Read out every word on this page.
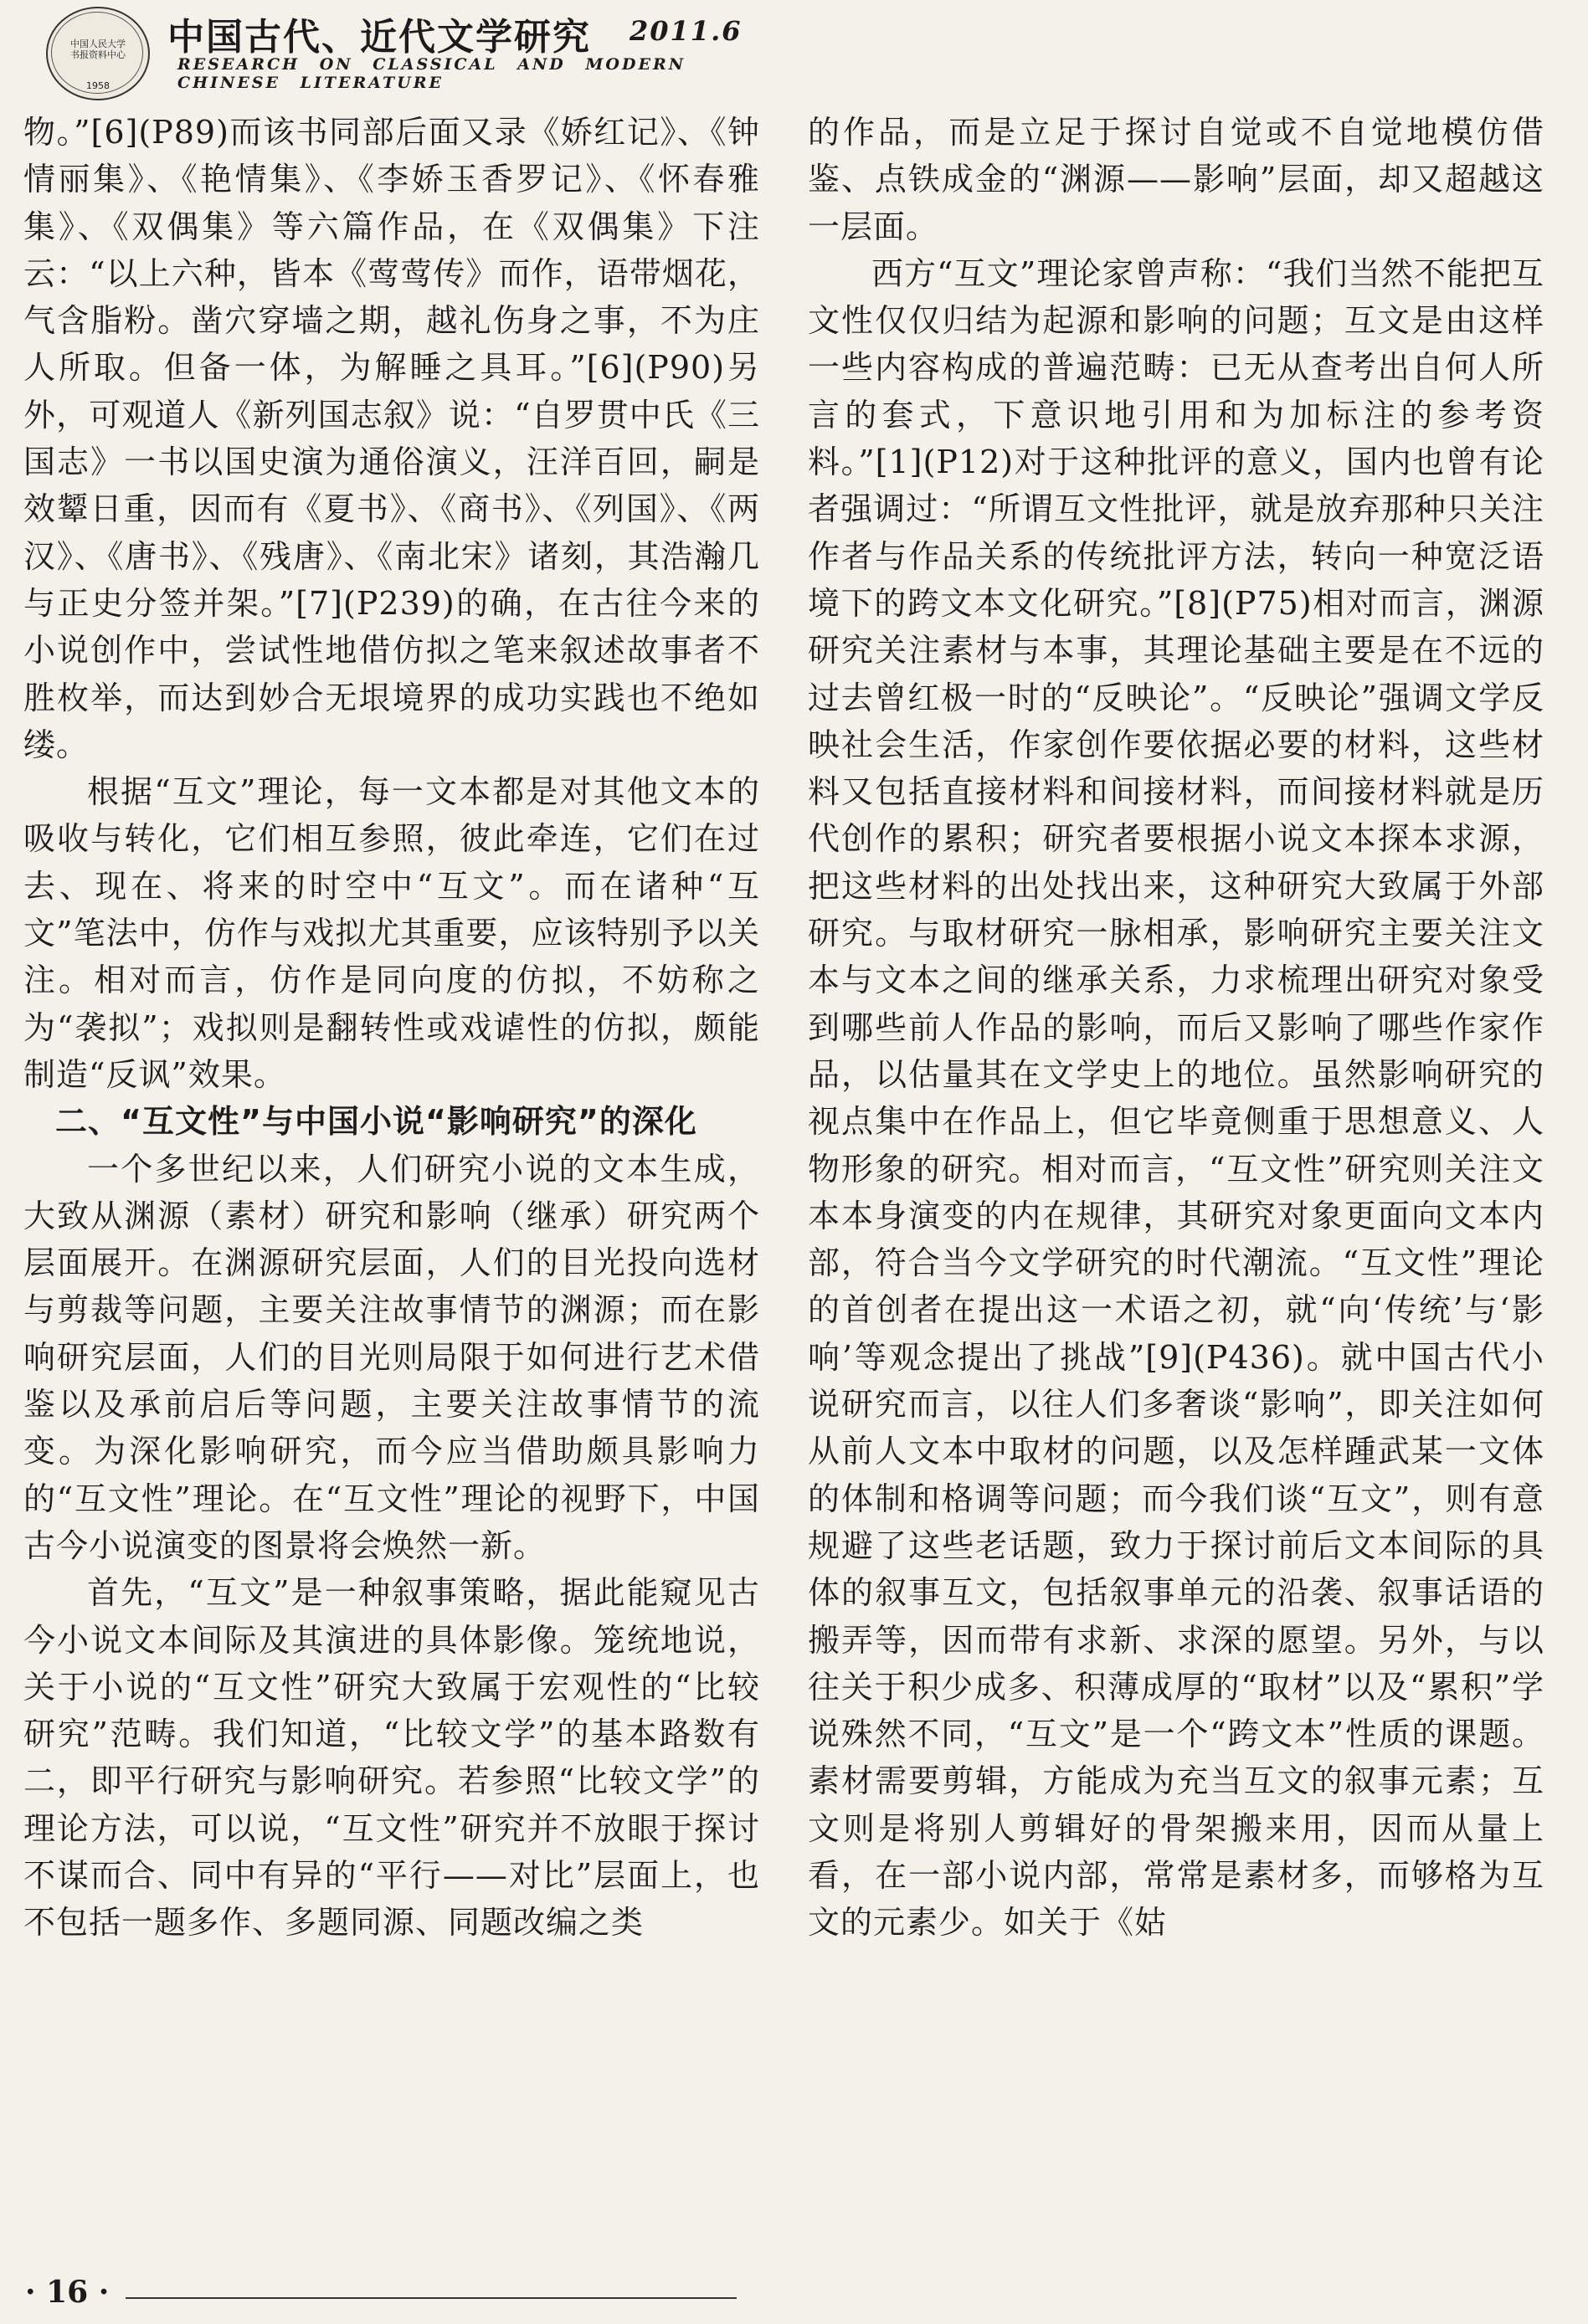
中国人民大学
书报资料中心
1958
中国古代、近代文学研究 2011.6
RESEARCH ON CLASSICAL AND MODERN CHINESE LITERATURE

物。”[6](P89)而该书同部后面又录《娇红记》、《钟情丽集》、《艳情集》、《李娇玉香罗记》、《怀春雅集》、《双偶集》等六篇作品，在《双偶集》下注云：“以上六种，皆本《莺莺传》而作，语带烟花，气含脂粉。凿穴穿墙之期，越礼伤身之事，不为庄人所取。但备一体，为解睡之具耳。”[6](P90)另外，可观道人《新列国志叙》说：“自罗贯中氏《三国志》一书以国史演为通俗演义，汪洋百回，嗣是效颦日重，因而有《夏书》、《商书》、《列国》、《两汉》、《唐书》、《残唐》、《南北宋》诸刻，其浩瀚几与正史分签并架。”[7](P239)的确，在古往今来的小说创作中，尝试性地借仿拟之笔来叙述故事者不胜枚举，而达到妙合无垠境界的成功实践也不绝如缕。

根据“互文”理论，每一文本都是对其他文本的吸收与转化，它们相互参照，彼此牵连，它们在过去、现在、将来的时空中“互文”。而在诸种“互文”笔法中，仿作与戏拟尤其重要，应该特别予以关注。相对而言，仿作是同向度的仿拟，不妨称之为“袭拟”；戏拟则是翻转性或戏谑性的仿拟，颇能制造“反讽”效果。

二、“互文性”与中国小说“影响研究”的深化

一个多世纪以来，人们研究小说的文本生成，大致从渊源（素材）研究和影响（继承）研究两个层面展开。在渊源研究层面，人们的目光投向选材与剪裁等问题，主要关注故事情节的渊源；而在影响研究层面，人们的目光则局限于如何进行艺术借鉴以及承前启后等问题，主要关注故事情节的流变。为深化影响研究，而今应当借助颇具影响力的“互文性”理论。在“互文性”理论的视野下，中国古今小说演变的图景将会焕然一新。

首先，“互文”是一种叙事策略，据此能窥见古今小说文本间际及其演进的具体影像。笼统地说，关于小说的“互文性”研究大致属于宏观性的“比较研究”范畴。我们知道，“比较文学”的基本路数有二，即平行研究与影响研究。若参照“比较文学”的理论方法，可以说，“互文性”研究并不放眼于探讨不谋而合、同中有异的“平行——对比”层面上，也不包括一题多作、多题同源、同题改编之类

的作品，而是立足于探讨自觉或不自觉地模仿借鉴、点铁成金的“渊源——影响”层面，却又超越这一层面。

西方“互文”理论家曾声称：“我们当然不能把互文性仅仅归结为起源和影响的问题；互文是由这样一些内容构成的普遍范畴：已无从查考出自何人所言的套式，下意识地引用和为加标注的参考资料。”[1](P12)对于这种批评的意义，国内也曾有论者强调过：“所谓互文性批评，就是放弃那种只关注作者与作品关系的传统批评方法，转向一种宽泛语境下的跨文本文化研究。”[8](P75)相对而言，渊源研究关注素材与本事，其理论基础主要是在不远的过去曾红极一时的“反映论”。“反映论”强调文学反映社会生活，作家创作要依据必要的材料，这些材料又包括直接材料和间接材料，而间接材料就是历代创作的累积；研究者要根据小说文本探本求源，把这些材料的出处找出来，这种研究大致属于外部研究。与取材研究一脉相承，影响研究主要关注文本与文本之间的继承关系，力求梳理出研究对象受到哪些前人作品的影响，而后又影响了哪些作家作品，以估量其在文学史上的地位。虽然影响研究的视点集中在作品上，但它毕竟侧重于思想意义、人物形象的研究。相对而言，“互文性”研究则关注文本本身演变的内在规律，其研究对象更面向文本内部，符合当今文学研究的时代潮流。“互文性”理论的首创者在提出这一术语之初，就“向‘传统’与‘影响’等观念提出了挑战”[9](P436)。就中国古代小说研究而言，以往人们多奢谈“影响”，即关注如何从前人文本中取材的问题，以及怎样踵武某一文体的体制和格调等问题；而今我们谈“互文”，则有意规避了这些老话题，致力于探讨前后文本间际的具体的叙事互文，包括叙事单元的沿袭、叙事话语的搬弄等，因而带有求新、求深的愿望。另外，与以往关于积少成多、积薄成厚的“取材”以及“累积”学说殊然不同，“互文”是一个“跨文本”性质的课题。素材需要剪辑，方能成为充当互文的叙事元素；互文则是将别人剪辑好的骨架搬来用，因而从量上看，在一部小说内部，常常是素材多，而够格为互文的元素少。如关于《姑

· 16 ·
